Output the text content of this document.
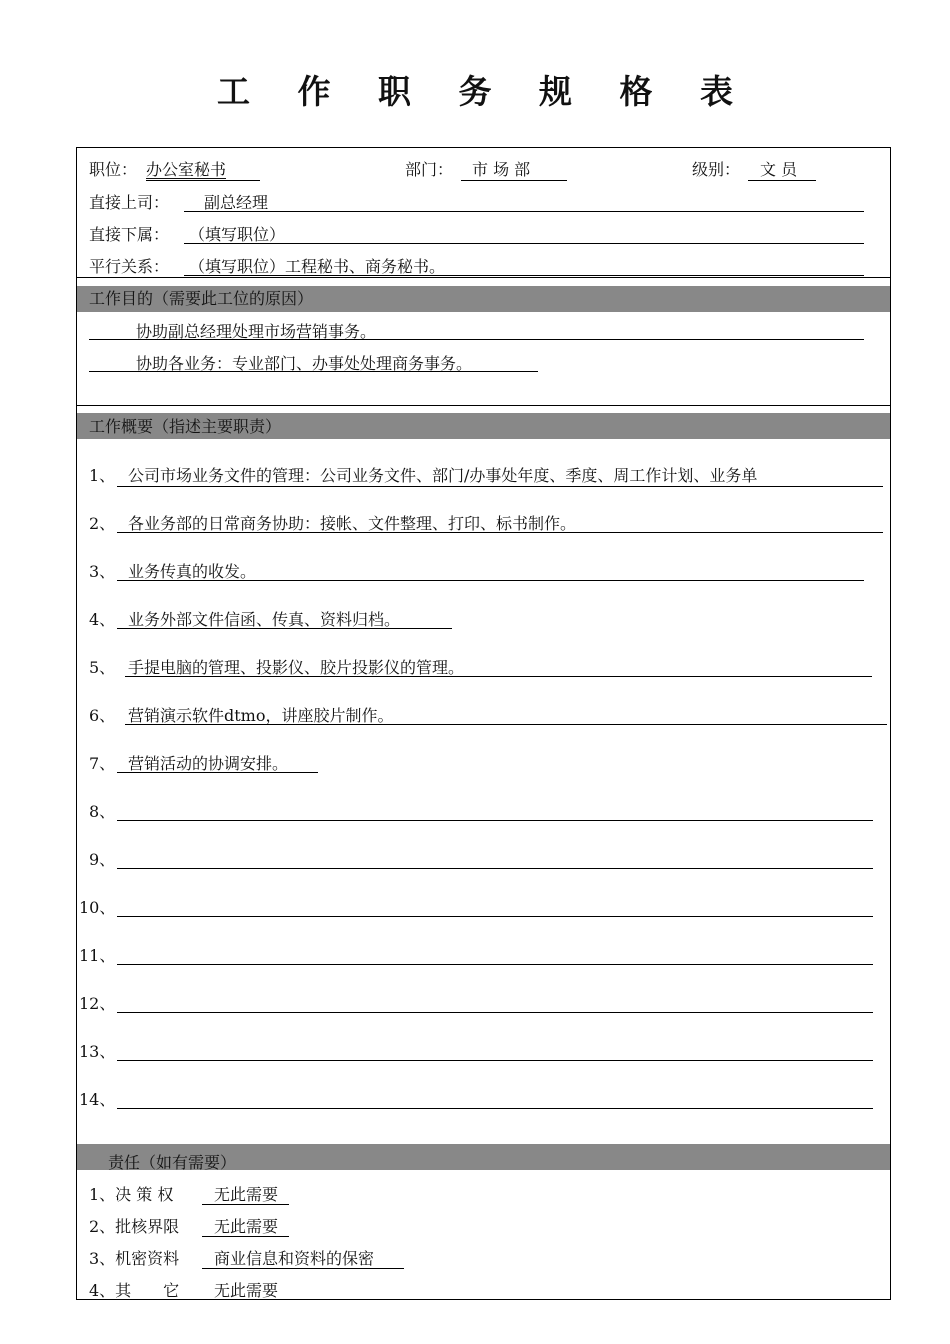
工 作 职 务 规 格 表
职位： 办公室秘书	部门： 市 场 部	级别： 文 员
直接上司： 副总经理
直接下属： （填写职位）
平行关系： （填写职位）工程秘书、商务秘书。
工作目的（需要此工位的原因）
协助副总经理处理市场营销事务。
协助各业务：专业部门、办事处处理商务事务。
工作概要（指述主要职责）
1、 公司市场业务文件的管理：公司业务文件、部门/办事处年度、季度、周工作计划、业务单
2、 各业务部的日常商务协助：接帐、文件整理、打印、标书制作。
3、 业务传真的收发。
4、 业务外部文件信函、传真、资料归档。
5、 手提电脑的管理、投影仪、胶片投影仪的管理。
6、 营销演示软件dtmo，讲座胶片制作。
7、 营销活动的协调安排。
8、
9、
10、
11、
12、
13、
14、
责任（如有需要）
1、决 策 权	无此需要
2、批核界限 无此需要
3、机密资料 商业信息和资料的保密
4、其　　它 无此需要
